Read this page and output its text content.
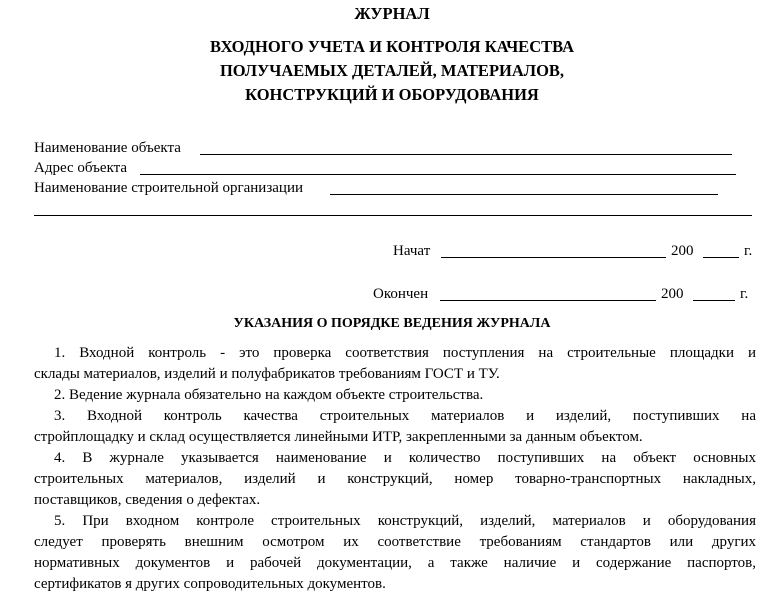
ЖУРНАЛ
ВХОДНОГО УЧЕТА И КОНТРОЛЯ КАЧЕСТВА
ПОЛУЧАЕМЫХ ДЕТАЛЕЙ, МАТЕРИАЛОВ,
КОНСТРУКЦИЙ И ОБОРУДОВАНИЯ
Наименование объекта
Адрес объекта
Наименование строительной организации
Начат	200	г.
Окончен	200	г.
УКАЗАНИЯ О ПОРЯДКЕ ВЕДЕНИЯ ЖУРНАЛА
1. Входной контроль - это проверка соответствия поступления на строительные площадки и
склады материалов, изделий и полуфабрикатов требованиям ГОСТ и ТУ.
2. Ведение журнала обязательно на каждом объекте строительства.
3. Входной контроль качества строительных материалов и изделий, поступивших на
стройплощадку и склад осуществляется линейными ИТР, закрепленными за данным объектом.
4. В журнале указывается наименование и количество поступивших на объект основных
строительных материалов, изделий и конструкций, номер товарно-транспортных накладных,
поставщиков, сведения о дефектах.
5. При входном контроле строительных конструкций, изделий, материалов и оборудования
следует проверять внешним осмотром их соответствие требованиям стандартов или других
нормативных документов и рабочей документации, а также наличие и содержание паспортов,
сертификатов я других сопроводительных документов.
